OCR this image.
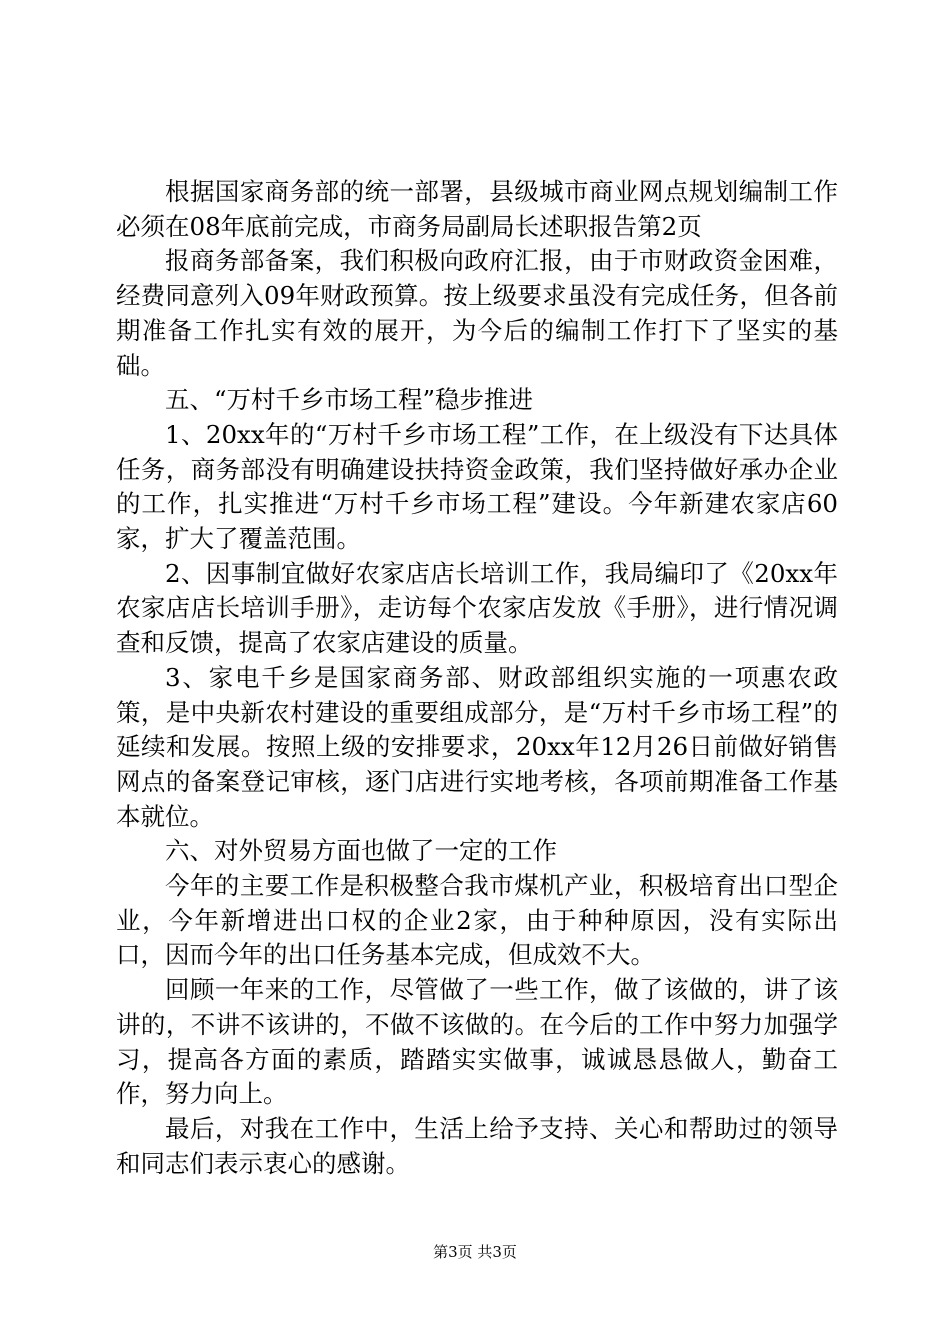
根据国家商务部的统一部署，县级城市商业网点规划编制工作必须在08年底前完成，市商务局副局长述职报告第2页

报商务部备案，我们积极向政府汇报，由于市财政资金困难，经费同意列入09年财政预算。按上级要求虽没有完成任务，但各前期准备工作扎实有效的展开，为今后的编制工作打下了坚实的基础。

五、“万村千乡市场工程”稳步推进

1、20xx年的“万村千乡市场工程”工作，在上级没有下达具体任务，商务部没有明确建设扶持资金政策，我们坚持做好承办企业的工作，扎实推进“万村千乡市场工程”建设。今年新建农家店60家，扩大了覆盖范围。

2、因事制宜做好农家店店长培训工作，我局编印了《20xx年农家店店长培训手册》，走访每个农家店发放《手册》，进行情况调查和反馈，提高了农家店建设的质量。

3、家电千乡是国家商务部、财政部组织实施的一项惠农政策，是中央新农村建设的重要组成部分，是“万村千乡市场工程”的延续和发展。按照上级的安排要求，20xx年12月26日前做好销售网点的备案登记审核，逐门店进行实地考核，各项前期准备工作基本就位。

六、对外贸易方面也做了一定的工作

今年的主要工作是积极整合我市煤机产业，积极培育出口型企业，今年新增进出口权的企业2家，由于种种原因，没有实际出口，因而今年的出口任务基本完成，但成效不大。

回顾一年来的工作，尽管做了一些工作，做了该做的，讲了该讲的，不讲不该讲的，不做不该做的。在今后的工作中努力加强学习，提高各方面的素质，踏踏实实做事，诚诚恳恳做人，勤奋工作，努力向上。

最后，对我在工作中，生活上给予支持、关心和帮助过的领导和同志们表示衷心的感谢。

第3页 共3页
